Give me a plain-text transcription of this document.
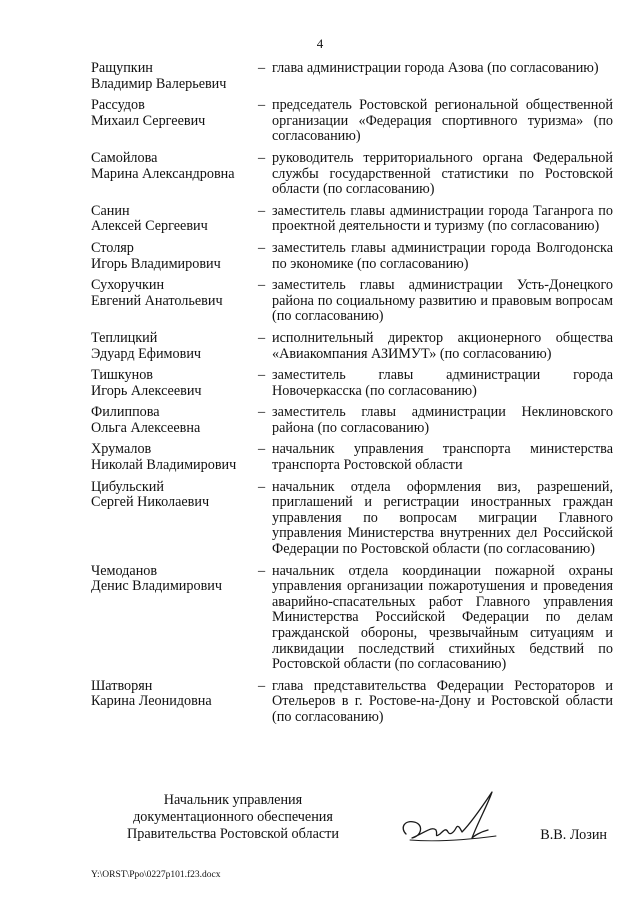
4
Ращупкин
Владимир Валерьевич
– глава администрации города Азова (по согласованию)
Рассудов
Михаил Сергеевич
– председатель Ростовской региональной общественной организации «Федерация спортивного туризма» (по согласованию)
Самойлова
Марина Александровна
– руководитель территориального органа Федеральной службы государственной статистики по Ростовской области (по согласованию)
Санин
Алексей Сергеевич
– заместитель главы администрации города Таганрога по проектной деятельности и туризму (по согласованию)
Столяр
Игорь Владимирович
– заместитель главы администрации города Волгодонска по экономике (по согласованию)
Сухоручкин
Евгений Анатольевич
– заместитель главы администрации Усть-Донецкого района по социальному развитию и правовым вопросам (по согласованию)
Теплицкий
Эдуард Ефимович
– исполнительный директор акционерного общества «Авиакомпания АЗИМУТ» (по согласованию)
Тишкунов
Игорь Алексеевич
– заместитель главы администрации города Новочеркасска (по согласованию)
Филиппова
Ольга Алексеевна
– заместитель главы администрации Неклиновского района (по согласованию)
Хрумалов
Николай Владимирович
– начальник управления транспорта министерства транспорта Ростовской области
Цибульский
Сергей Николаевич
– начальник отдела оформления виз, разрешений, приглашений и регистрации иностранных граждан управления по вопросам миграции Главного управления Министерства внутренних дел Российской Федерации по Ростовской области (по согласованию)
Чемоданов
Денис Владимирович
– начальник отдела координации пожарной охраны управления организации пожаротушения и проведения аварийно-спасательных работ Главного управления Министерства Российской Федерации по делам гражданской обороны, чрезвычайным ситуациям и ликвидации последствий стихийных бедствий по Ростовской области (по согласованию)
Шатворян
Карина Леонидовна
– глава представительства Федерации Рестораторов и Отельеров в г. Ростове-на-Дону и Ростовской области (по согласованию)
Начальник управления
документационного обеспечения
Правительства Ростовской области	В.В. Лозин
Y:\ORST\Ppo\0227p101.f23.docx
